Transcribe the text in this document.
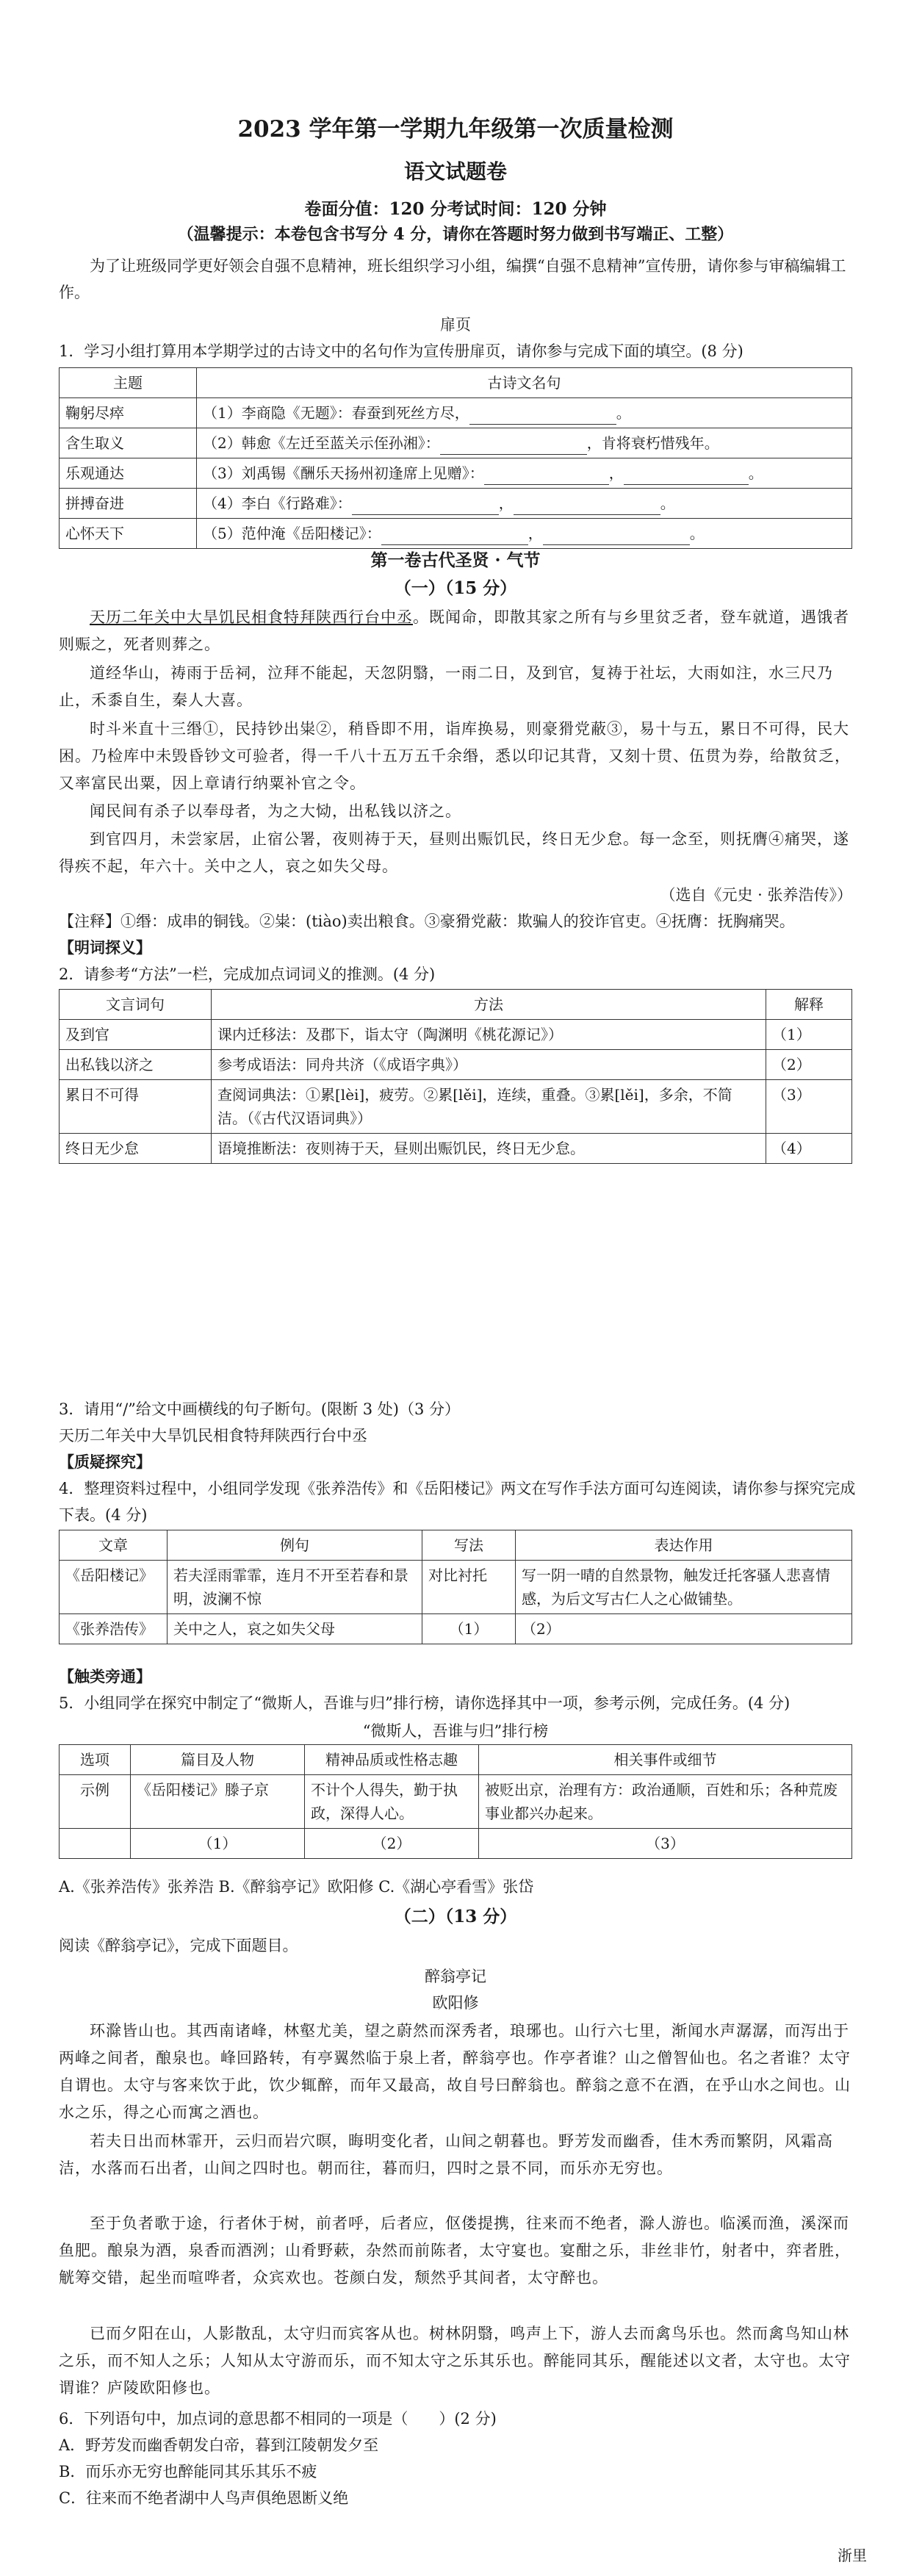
2023 学年第一学期九年级第一次质量检测
语文试题卷
卷面分值：120 分考试时间：120 分钟
（温馨提示：本卷包含书写分 4 分，请你在答题时努力做到书写端正、工整）
为了让班级同学更好领会自强不息精神，班长组织学习小组，编撰“自强不息精神”宣传册，请你参与审稿编辑工作。
扉页
1．学习小组打算用本学期学过的古诗文中的名句作为宣传册扉页，请你参与完成下面的填空。(8 分)
主题	古诗文名句
鞠躬尽瘁	（1）李商隐《无题》：春蚕到死丝方尽， 。
含生取义	（2）韩愈《左迁至蓝关示侄孙湘》： ，肯将衰朽惜残年。
乐观通达	（3）刘禹锡《酬乐天扬州初逢席上见赠》： ， 。
拼搏奋进	（4）李白《行路难》： ， 。
心怀天下	（5）范仲淹《岳阳楼记》： ， 。
第一卷古代圣贤 · 气节
（一）（15 分）
天历二年关中大旱饥民相食特拜陕西行台中丞。既闻命，即散其家之所有与乡里贫乏者，登车就道，遇饿者则赈之，死者则葬之。
道经华山，祷雨于岳祠，泣拜不能起，天忽阴翳，一雨二日，及到官，复祷于社坛，大雨如注，水三尺乃止，禾黍自生，秦人大喜。
时斗米直十三缗①，民持钞出粜②，稍昏即不用，诣库换易，则豪猾党蔽③，易十与五，累日不可得，民大困。乃检库中未毁昏钞文可验者，得一千八十五万五千余缗，悉以印记其背，又刻十贯、伍贯为券，给散贫乏，又率富民出粟，因上章请行纳粟补官之令。
闻民间有杀子以奉母者，为之大恸，出私钱以济之。
到官四月，未尝家居，止宿公署，夜则祷于天，昼则出赈饥民，终日无少怠。每一念至，则抚膺④痛哭，遂得疾不起，年六十。关中之人，哀之如失父母。
（选自《元史 · 张养浩传》）
【注释】①缗：成串的铜钱。②粜：(tiào)卖出粮食。③豪猾党蔽：欺骗人的狡诈官吏。④抚膺：抚胸痛哭。
【明词探义】
2．请参考“方法”一栏，完成加点词词义的推测。(4 分)
文言词句	方法	解释
及到官	课内迁移法：及郡下，诣太守（陶渊明《桃花源记》）	（1）
出私钱以济之	参考成语法：同舟共济（《成语字典》）	（2）
累日不可得	查阅词典法：①累[lèi]，疲劳。②累[lěi]，连续，重叠。③累[lěi]，多余，不简洁。（《古代汉语词典》）	（3）
终日无少怠	语境推断法：夜则祷于天，昼则出赈饥民，终日无少怠。	（4）
3．请用“/”给文中画横线的句子断句。(限断 3 处)（3 分）
天历二年关中大旱饥民相食特拜陕西行台中丞
【质疑探究】
4．整理资料过程中，小组同学发现《张养浩传》和《岳阳楼记》两文在写作手法方面可勾连阅读，请你参与探究完成下表。(4 分)
文章	例句	写法	表达作用
《岳阳楼记》	若夫淫雨霏霏，连月不开至若春和景明，波澜不惊	对比衬托	写一阴一晴的自然景物，触发迁托客骚人悲喜情感，为后文写古仁人之心做铺垫。
《张养浩传》	关中之人，哀之如失父母	（1）	（2）
【触类旁通】
5．小组同学在探究中制定了“微斯人，吾谁与归”排行榜，请你选择其中一项，参考示例，完成任务。(4 分)
“微斯人，吾谁与归”排行榜
选项	篇目及人物	精神品质或性格志趣	相关事件或细节
示例	《岳阳楼记》滕子京	不计个人得失，勤于执政，深得人心。	被贬出京，治理有方：政治通顺，百姓和乐；各种荒废事业都兴办起来。
	（1）	（2）	（3）
A.《张养浩传》张养浩 B.《醉翁亭记》欧阳修 C.《湖心亭看雪》张岱
（二）（13 分）
阅读《醉翁亭记》，完成下面题目。
醉翁亭记
欧阳修
环滁皆山也。其西南诸峰，林壑尤美，望之蔚然而深秀者，琅琊也。山行六七里，渐闻水声潺潺，而泻出于两峰之间者，酿泉也。峰回路转，有亭翼然临于泉上者，醉翁亭也。作亭者谁？山之僧智仙也。名之者谁？太守自谓也。太守与客来饮于此，饮少辄醉，而年又最高，故自号曰醉翁也。醉翁之意不在酒，在乎山水之间也。山水之乐，得之心而寓之酒也。
若夫日出而林霏开，云归而岩穴暝，晦明变化者，山间之朝暮也。野芳发而幽香，佳木秀而繁阴，风霜高洁，水落而石出者，山间之四时也。朝而往，暮而归，四时之景不同，而乐亦无穷也。
至于负者歌于途，行者休于树，前者呼，后者应，伛偻提携，往来而不绝者，滁人游也。临溪而渔，溪深而鱼肥。酿泉为酒，泉香而酒洌；山肴野蔌，杂然而前陈者，太守宴也。宴酣之乐，非丝非竹，射者中，弈者胜，觥筹交错，起坐而喧哗者，众宾欢也。苍颜白发，颓然乎其间者，太守醉也。
已而夕阳在山，人影散乱，太守归而宾客从也。树林阴翳，鸣声上下，游人去而禽鸟乐也。然而禽鸟知山林之乐，而不知人之乐；人知从太守游而乐，而不知太守之乐其乐也。醉能同其乐，醒能述以文者，太守也。太守谓谁？庐陵欧阳修也。
6．下列语句中，加点词的意思都不相同的一项是（　　）(2 分)
A．野芳发而幽香朝发白帝，暮到江陵朝发夕至
B．而乐亦无穷也醉能同其乐其乐不疲
C．往来而不绝者湖中人鸟声俱绝恩断义绝
浙里
